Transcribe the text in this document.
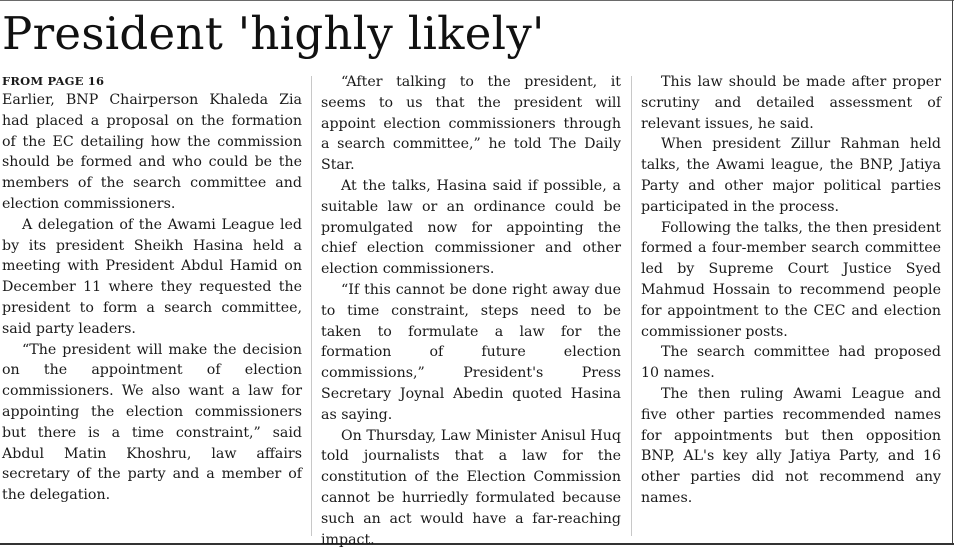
President 'highly likely'
FROM PAGE 16

Earlier, BNP Chairperson Khaleda Zia had placed a proposal on the formation of the EC detailing how the commission should be formed and who could be the members of the search committee and election commissioners.

A delegation of the Awami League led by its president Sheikh Hasina held a meeting with President Abdul Hamid on December 11 where they requested the president to form a search committee, said party leaders.

“The president will make the decision on the appointment of election commissioners. We also want a law for appointing the election commissioners but there is a time constraint,” said Abdul Matin Khoshru, law affairs secretary of the party and a member of the delegation.

“After talking to the president, it seems to us that the president will appoint election commissioners through a search committee,” he told The Daily Star.

At the talks, Hasina said if possible, a suitable law or an ordinance could be promulgated now for appointing the chief election commissioner and other election commissioners.

“If this cannot be done right away due to time constraint, steps need to be taken to formulate a law for the formation of future election commissions,” President's Press Secretary Joynal Abedin quoted Hasina as saying.

On Thursday, Law Minister Anisul Huq told journalists that a law for the constitution of the Election Commission cannot be hurriedly formulated because such an act would have a far-reaching impact.

This law should be made after proper scrutiny and detailed assessment of relevant issues, he said.

When president Zillur Rahman held talks, the Awami league, the BNP, Jatiya Party and other major political parties participated in the process.

Following the talks, the then president formed a four-member search committee led by Supreme Court Justice Syed Mahmud Hossain to recommend people for appointment to the CEC and election commissioner posts.

The search committee had proposed 10 names.

The then ruling Awami League and five other parties recommended names for appointments but then opposition BNP, AL's key ally Jatiya Party, and 16 other parties did not recommend any names.
